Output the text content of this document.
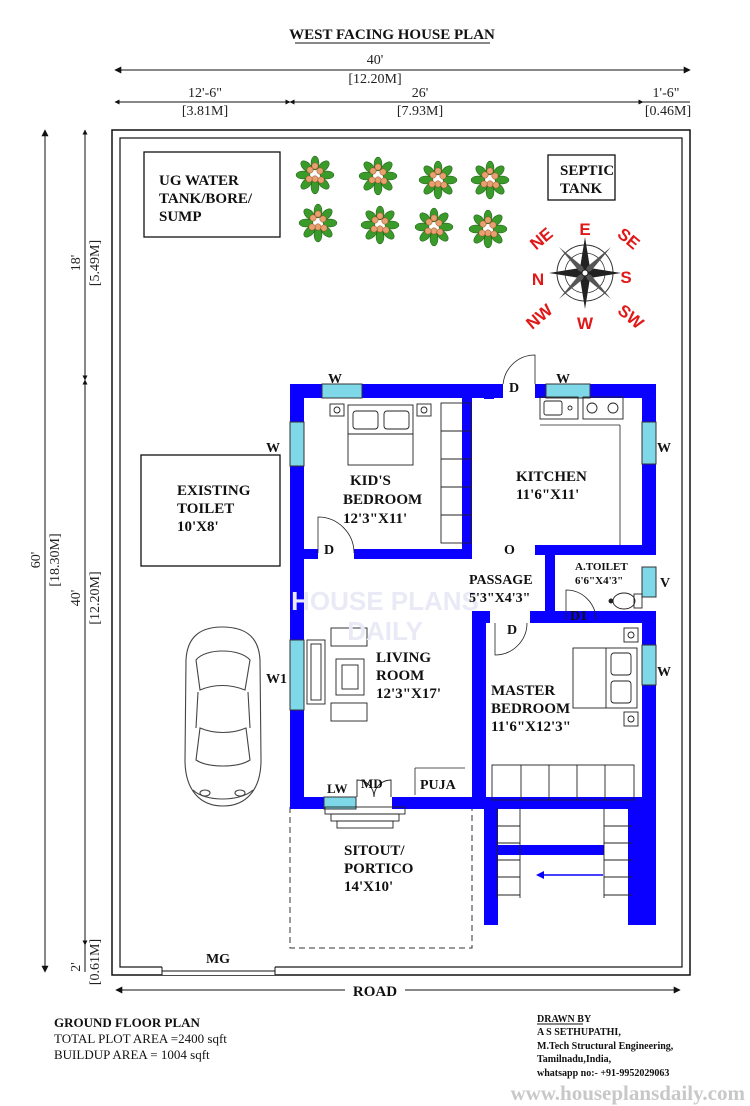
WEST FACING HOUSE PLAN
40'
[12.20M]
12'-6"
[3.81M]
26'
[7.93M]
1'-6"
[0.46M]
60' [18.30M]
18' [5.49M]
40' [12.20M]
2' [0.61M]	MG
ROAD
UG WATER
TANK/BORE/
SUMP
SEPTIC
TANK
E
N	S
W
NE	SE
NW	SW
EXISTING
TOILET
10'X8'
HOUSE PLANS
DAILY
KID'S
BEDROOM
12'3"X11'
KITCHEN
11'6"X11'
PASSAGE
5'3"X4'3"
A.TOILET
6'6"X4'3"
LIVING
ROOM
12'3"X17'	MASTER
BEDROOM
11'6"X12'3"
PUJA
SITOUT/
PORTICO
14'X10'
W	W
D
W	W
D	O
V
D1
D
W1	W
LW MD
GROUND FLOOR PLAN
TOTAL PLOT AREA =2400 sqft
BUILDUP AREA = 1004 sqft
DRAWN BY
A S SETHUPATHI,
M.Tech Structural Engineering,
Tamilnadu,India,
whatsapp no:- +91-9952029063
www.houseplansdaily.com
